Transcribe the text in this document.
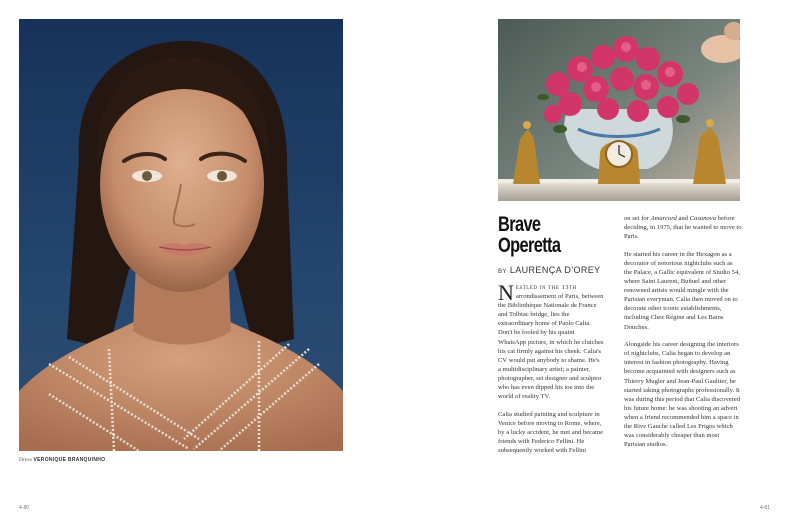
Dress VERONIQUE BRANQUINHO
4-80
Brave
Operetta
BY LAURENÇA D'OREY

Nestled in the 13th arrondissement of Paris, between the Bibliothèque Nationale de France and Tolbiac bridge, lies the extraordinary home of Paolo Calia. Don't be fooled by his quaint WhatsApp picture, in which he clutches his cat firmly against his cheek: Calia's CV would put anybody to shame. He's a multidisciplinary artist; a painter, photographer, set designer and sculptor who has even dipped his toe into the world of reality TV.

Calia studied painting and sculpture in Venice before moving to Rome, where, by a lucky accident, he met and became friends with Federico Fellini. He subsequently worked with Fellini

on set for Amarcord and Casanova before deciding, in 1975, that he wanted to move to Paris.

He started his career in the Hexagon as a decorator of notorious nightclubs such as the Palace, a Gallic equivalent of Studio 54, where Saint Laurent, Buñuel and other renowned artists would mingle with the Parisian everyman. Calia then moved on to decorate other iconic establishments, including Chez Régine and Les Bains Douches.

Alongside his career designing the interiors of nightclubs, Calia began to develop an interest in fashion photography. Having become acquainted with designers such as Thierry Mugler and Jean-Paul Gaultier, he started taking photographs professionally. It was during this period that Calia discovered his future home: he was shooting an advert when a friend recommended him a space in the Rive Gauche called Les Frigos which was considerably cheaper than most Parisian studios.

4-81
